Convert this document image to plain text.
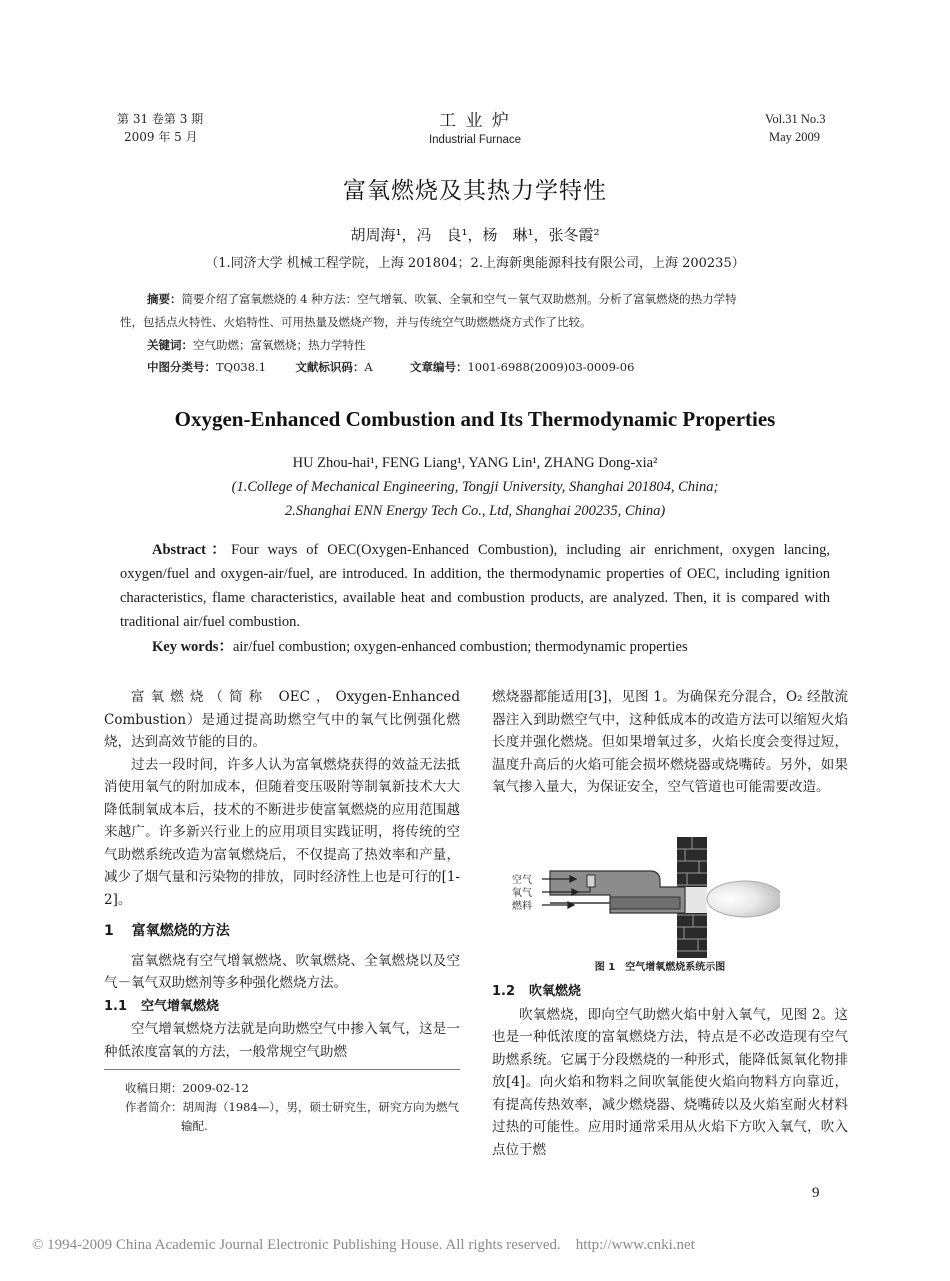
第 31 卷第 3 期
2009 年 5 月
工 业 炉
Industrial Furnace
Vol.31 No.3
May 2009
富氧燃烧及其热力学特性
胡周海¹，冯　良¹，杨　琳¹，张冬霞²
（1.同济大学 机械工程学院，上海 201804；2.上海新奥能源科技有限公司，上海 200235）
摘要：简要介绍了富氧燃烧的 4 种方法：空气增氧、吹氧、全氧和空气－氧气双助燃剂。分析了富氧燃烧的热力学特
性，包括点火特性、火焰特性、可用热量及燃烧产物，并与传统空气助燃燃烧方式作了比较。
关键词：空气助燃；富氧燃烧；热力学特性
中图分类号：TQ038.1	文献标识码：A	文章编号：1001-6988(2009)03-0009-06
Oxygen-Enhanced Combustion and Its Thermodynamic Properties
HU Zhou-hai¹, FENG Liang¹, YANG Lin¹, ZHANG Dong-xia²
(1.College of Mechanical Engineering, Tongji University, Shanghai 201804, China;
2.Shanghai ENN Energy Tech Co., Ltd, Shanghai 200235, China)
Abstract：Four ways of OEC(Oxygen-Enhanced Combustion), including air enrichment, oxygen lancing, oxygen/fuel and oxygen-air/fuel, are introduced. In addition, the thermodynamic properties of OEC, including ignition characteristics, flame characteristics, available heat and combustion products, are analyzed. Then, it is compared with traditional air/fuel combustion.
Key words：air/fuel combustion; oxygen-enhanced combustion; thermodynamic properties

富氧燃烧（简称 OEC，Oxygen-Enhanced Combustion）是通过提高助燃空气中的氧气比例强化燃烧，达到高效节能的目的。

过去一段时间，许多人认为富氧燃烧获得的效益无法抵消使用氧气的附加成本，但随着变压吸附等制氧新技术大大降低制氧成本后，技术的不断进步使富氧燃烧的应用范围越来越广。许多新兴行业上的应用项目实践证明，将传统的空气助燃系统改造为富氧燃烧后，不仅提高了热效率和产量，减少了烟气量和污染物的排放，同时经济性上也是可行的[1-2]。

1 富氧燃烧的方法

富氧燃烧有空气增氧燃烧、吹氧燃烧、全氧燃烧以及空气－氧气双助燃剂等多种强化燃烧方法。

1.1 空气增氧燃烧

空气增氧燃烧方法就是向助燃空气中掺入氧气，这是一种低浓度富氧的方法，一般常规空气助燃

收稿日期：2009-02-12
作者简介：胡周海（1984—），男，硕士研究生，研究方向为燃气
输配.

燃烧器都能适用[3]，见图 1。为确保充分混合，O₂ 经散流器注入到助燃空气中，这种低成本的改造方法可以缩短火焰长度并强化燃烧。但如果增氧过多，火焰长度会变得过短，温度升高后的火焰可能会损坏燃烧器或烧嘴砖。另外，如果氧气掺入量大，为保证安全，空气管道也可能需要改造。

空气
氧气
燃料
图 1　空气增氧燃烧系统示图
1.2 吹氧燃烧

吹氧燃烧，即向空气助燃火焰中射入氧气，见图 2。这也是一种低浓度的富氧燃烧方法，特点是不必改造现有空气助燃系统。它属于分段燃烧的一种形式，能降低氮氧化物排放[4]。向火焰和物料之间吹氧能使火焰向物料方向靠近，有提高传热效率，减少燃烧器、烧嘴砖以及火焰室耐火材料过热的可能性。应用时通常采用从火焰下方吹入氧气，吹入点位于燃

9
© 1994-2009 China Academic Journal Electronic Publishing House. All rights reserved.    http://www.cnki.net
